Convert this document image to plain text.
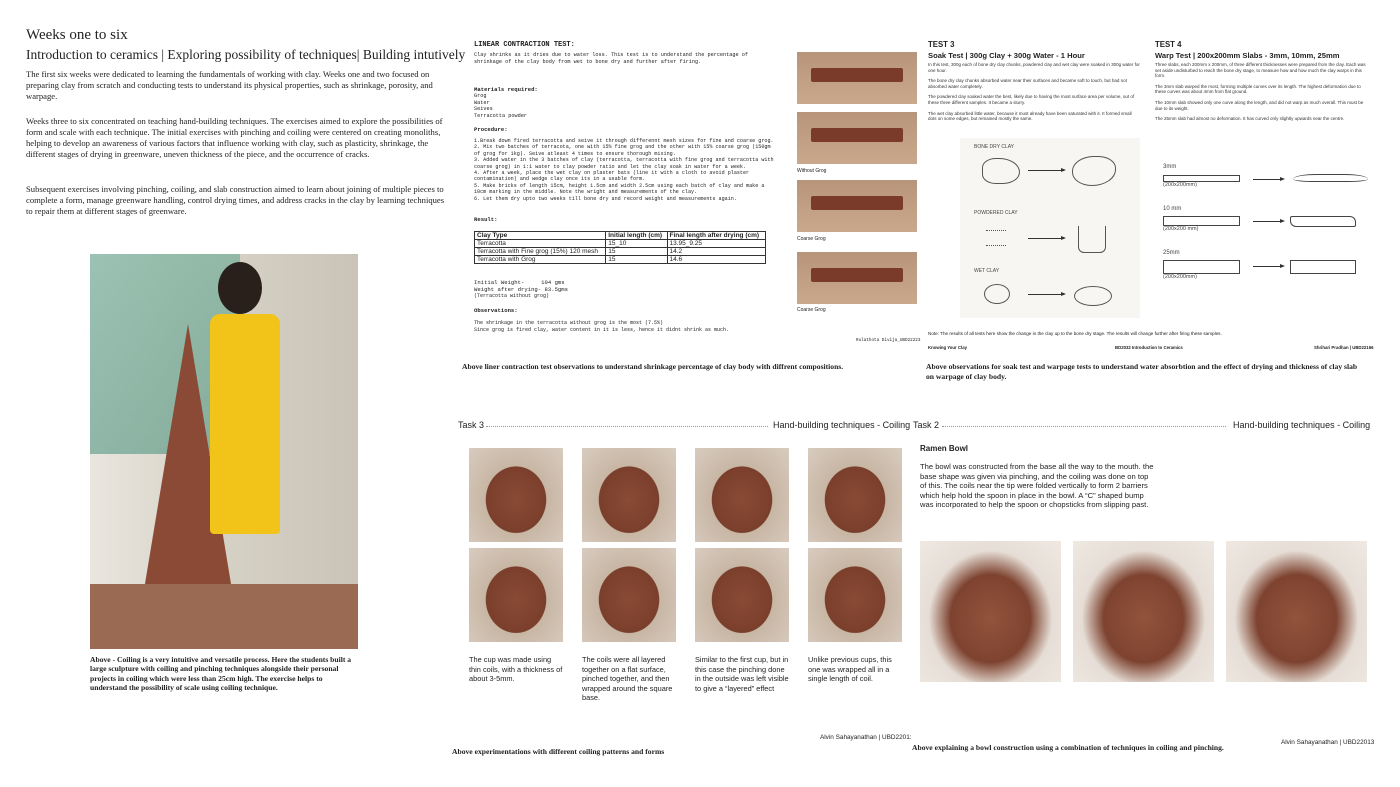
Weeks one to six
Introduction to ceramics | Exploring possibility of techniques| Building intutively
The first six weeks were dedicated to learning the fundamentals of working with clay. Weeks one and two focused on preparing clay from scratch and conducting tests to understand its physical properties, such as shrinkage, porosity, and warpage.
Weeks three to six concentrated on teaching hand-building techniques. The exercises aimed to explore the possibilities of form and scale with each technique. The initial exercises with pinching and coiling were centered on creating monoliths, helping to develop an awareness of various factors that influence working with clay, such as plasticity, shrinkage, the different stages of drying in greenware, uneven thickness of the piece, and the occurrence of cracks.
Subsequent exercises involving pinching, coiling, and slab construction aimed to learn about joining of multiple pieces to complete a form, manage greenware handling, control drying times, and address cracks in the clay by learning techniques to repair them at different stages of greenware.
Above - Coiling is a very intuitive and versatile process. Here the students built a large sculpture with coiling and pinching techniques alongside their personal projects in coiling which were less than 25cm high. The exercise helps to understand the possibility of scale using coiling technique.
LINEAR CONTRACTION TEST:
Clay shrinks as it dries due to water loss. This test is to understand the percentage of shrinkage of the clay body from wet to bone dry and further after firing.
Materials required:
Grog
Water
Seives
Terracotta powder
Procedure:
1.Break down fired terracotta and seive it through differennt mesh sizes for fine and coarse grog.
2. Mix two batches of terracota, one with 15% fine grog and the other with 15% coarse grog (150gm of grog for 1kg). Seive atleast 4 times to ensure thorough mixing.
3. Added water in the 3 batches of clay (terracotta, terracotta with fine grog and terracotta with coarse grog) in 1:1 water to clay powder ratio and let the clay soak in water for a week.
4. After a week, place the wet clay on plaster bats (line it with a cloth to avoid plaster contamination) and wedge clay once its in a usable form.
5. Make bricks of length 15cm, height 1.5cm and width 2.5cm using each batch of clay and make a 10cm marking in the middle. Note the wright and measurements of the clay.
6. Let them dry upto two weeks till bone dry and record weight and measurements again.
Result:
Clay Type	Initial length (cm)	Final length after drying (cm)
Terracotta	15_10	13.95_9.25
Terracotta with Fine grog (15%) 120 mesh	15	14.2
Terracotta with Grog	15	14.6
Initial Weight-     104 gms
Weight after drying- 83.5gms
(Terracotta without grog)
Observations:
The shrinkage in the terracotta without grog is the most (7.5%)
Since grog is fired clay, water content in it is less, hence it didnt shrink as much.
Without Grog
Coarse Grog
Coarse Grog
Rulathota Divija_UBD22223
Above liner contraction test observations to understand shrinkage percentage of clay body with diffrent compositions.
TEST 3
Soak Test | 300g Clay + 300g Water - 1 Hour
In this test, 300g each of bone dry clay chunks, powdered clay and wet clay were soaked in 300g water for one hour.
The bone dry clay chunks absorbed water near their surfaces and became soft to touch, but had not absorbed water completely.
The powdered clay soaked water the best, likely due to having the most surface area per volume, out of these three different samples. It became a slurry.
The wet clay absorbed little water, because it must already have been saturated with it. It formed small dots on some edges, but remained mostly the same.
TEST 4
Warp Test | 200x200mm Slabs - 3mm, 10mm, 25mm
Three slabs, each 200mm x 200mm, of three different thicknesses were prepared from the clay. Each was set aside undisturbed to reach the bone dry stage, to measure how and how much the clay warps in this form.
The 3mm slab warped the most, forming multiple curves over its length. The highest deformation due to these curves was about 4mm from flat ground.
The 10mm slab showed only one curve along the length, and did not warp as much overall. This must be due to its weight.
The 25mm slab had almost no deformation. It has curved only slightly upwards near the centre.
BONE DRY CLAY
POWDERED CLAY
WET CLAY
3mm
(200x200mm)
10 mm
(200x200 mm)
25mm
(200x200mm)
Note: The results of all tests here show the change in the clay up to the bone dry stage. The results will change further after firing these samples.
Knowing Your Clay	BD2032 Introduction to Ceramics	Shrihari Pradhan | UBD22166
Above observations for soak test and warpage tests to understand water absorbtion and the effect of drying and thickness of clay slab on warpage of clay body.
Task 3	Hand-building techniques - Coiling
The cup was made using thin coils, with a thickness of about 3-5mm.
The coils were all layered together on a flat surface, pinched together, and then wrapped around the square base.
Similar to the first cup, but in this case the pinching done in the outside was left visible to give a “layered” effect
Unlike previous cups, this one was wrapped all in a single length of coil.
Alvin Sahayanathan | UBD2201:
Above experimentations with different coiling patterns and forms
Task 2	Hand-building techniques - Coiling
Ramen Bowl
The bowl was constructed from the base all the way to the mouth. the base shape was given via pinching, and the coiling was done on top of this. The coils near the tip were folded vertically to form 2 barriers which help hold the spoon in place in the bowl. A “C” shaped bump was incorporated to help the spoon or chopsticks from slipping past.
Alvin Sahayanathan | UBD22013
Above explaining a bowl construction using a combination of techniques in coiling and pinching.
